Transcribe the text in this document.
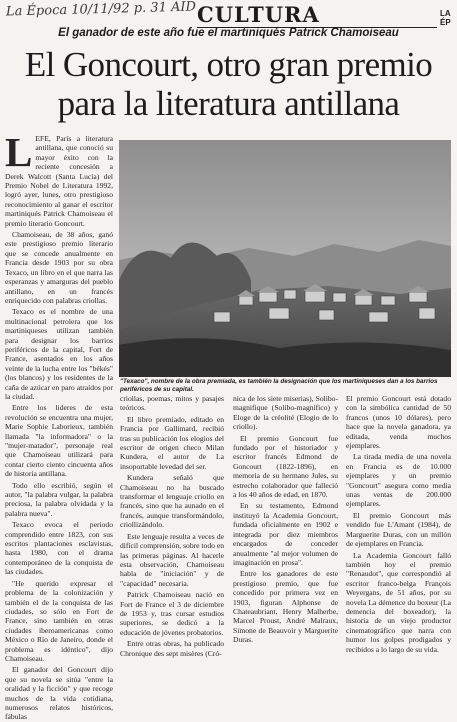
La Época 10/11/92 p. 31 AID CULTURA	LA ÉP
El ganador de este año fue el martiniqués Patrick Chamoiseau
El Goncourt, otro gran premio
para la literatura antillana
L EFE, París a literatura antillana, que conoció su mayor éxito con la reciente concesión a Derek Walcott (Santa Lucía) del Premio Nobel de Literatura 1992, logró ayer, lunes, otro prestigioso reconocimiento al ganar el escritor martiniqués Patrick Chamoiseau el premio literario Goncourt.

Chamoiseau, de 38 años, ganó este prestigioso premio literario que se concede anualmente en Francia desde 1903 por su obra Texaco, un libro en el que narra las esperanzas y amarguras del pueblo antillano, en un francés enriquecido con palabras criollas.

Texaco es el nombre de una multinacional petrolera que los martiniqueses utilizan también para designar los barrios periféricos de la capital, Fort de France, asentados en los años veinte de la lucha entre los "békés" (los blancos) y los residentes de la caña de azúcar en paro atraídos por la ciudad.

Entre los lideres de esta revolución se encuentra una mujer, Marie Sophie Laborieux, también llamada "la informadora" o la "mujer-matador", personaje real que Chamoiseau utilizará para contar cierto ciento cincuenta años de historia antillana.

Todo ello escribió, según el autor, "la palabra vulgar, la palabra preciosa, la palabra olvidada y la palabra nueva".

Texaco evoca el periodo comprendido entre 1823, con sus escritos plantaciones esclavistas, hasta 1980, con el drama contemporáneo de la conquista de las ciudades.

"He querido expresar el problema de la colonización y también el de la conquista de las ciudades, so sólo en Fort de France, sino también en otras ciudades iberoamericanas como México o Río de Janeiro, donde el problema es idéntico", dijo Chamoiseau.

El ganador del Goncourt dijo que su novela se sitúa "entre la oralidad y la ficción" y que recoge muchos de la vida cotidiana, numerosos relatos históricos, fábulas

"Texaco", nombre de la obra premiada, es también la designación que los martiniqueses dan a los barrios periféricos de su capital.

criollas, poemas, mitos y pasajes teóricos.

El libro premiado, editado en Francia por Gallimard, recibió tras su publicación los elogios del escritor de origen checo Milan Kundera, el autor de La insoportable levedad del ser.

Kundera señaló que Chamoiseau no ha buscado transformar el lenguaje criollo en francés, sino que ha aunado en el francés, aunque transformándolo, criollizándolo.

Este lenguaje resulta a veces de difícil comprensión, sobre todo en las primeras páginas. Al hacerle esta observación, Chamoiseau habla de "iniciación" y de "capacidad" necesaria.

Patrick Chamoiseau nació en Fort de France el 3 de diciembre de 1953 y, tras cursar estudios superiores, se dedicó a la educación de jóvenes probatorios.

Entre otras obras, ha publicado Chronique des sept misères (Cró-

nica de los siete miserias), Solibo-magnifique (Solibo-magnífico) y Eloge de la créolité (Elogio de lo criollo).

El premio Goncourt fue fundado por el historiador y escritor francés Edmond de Goncourt (1822-1896), en memoria de su hermano Jules, su estrecho colaborador que falleció a los 40 años de edad, en 1870.

En su testamento, Edmond instituyó la Academia Goncourt, fundada oficialmente en 1902 e integrada por diez miembros encargados de conceder anualmente "al mejor volumen de imaginación en prosa".

Entre los ganadores de este prestigioso premio, que fue concedido por primera vez en 1903, figuran Alphonse de Chateaubriant, Henry Malherbe, Marcel Proust, André Malraux, Simone de Beauvoir y Marguerite Duras.

El premio Goncourt está dotado con la simbólica cantidad de 50 francos (unos 10 dólares), pero hace que la novela ganadora, ya editada, venda muchos ejemplares.

La tirada media de una novela en Francia es de 10.000 ejemplares y un premio "Goncourt" asegura como media unas ventas de 200.000 ejemplares.

El premio Goncourt más vendido fue L'Amant (1984), de Marguerite Duras, con un millón de ejemplares en Francia.

La Academia Goncourt falló también hoy el premio "Renaudot", que correspondió al escritor franco-belga François Weyergans, de 51 años, por su novela La démence du boxeur (La demencia del boxeador), la historia de un viejo productor cinematográfico que narra con humor los golpes prodigados y recibidos a lo largo de su vida.
